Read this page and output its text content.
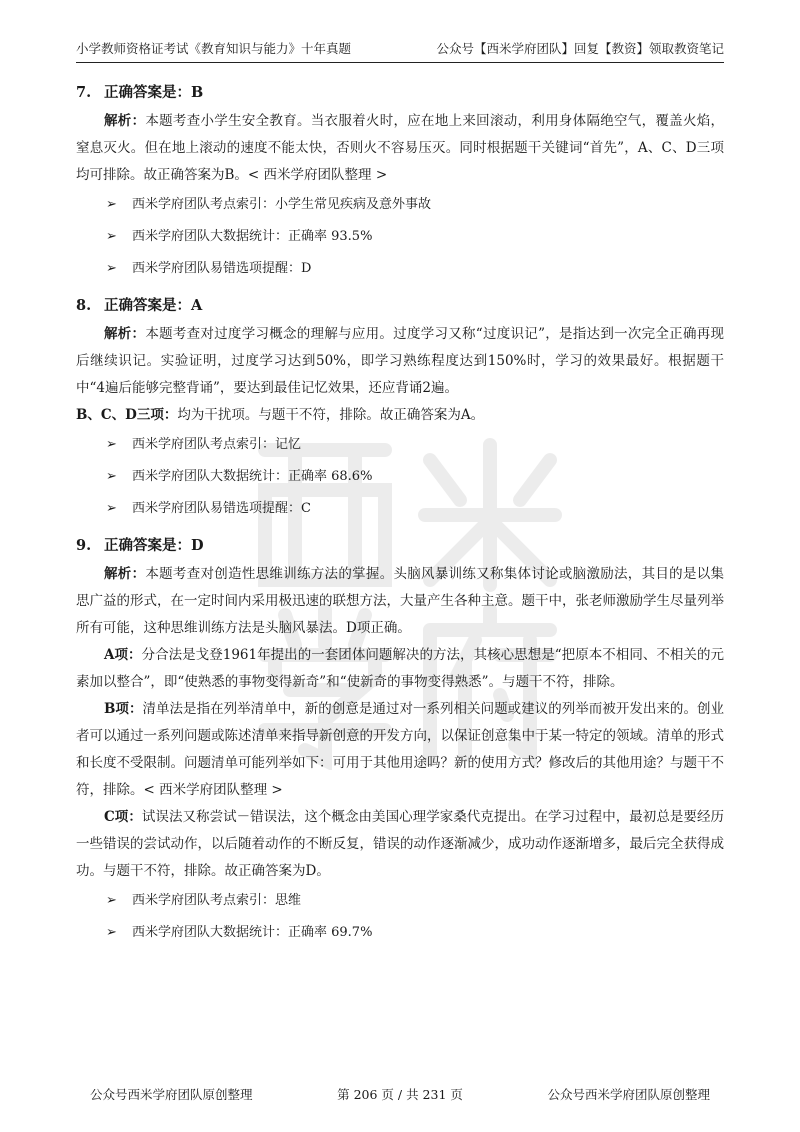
小学教师资格证考试《教育知识与能力》十年真题	公众号【西米学府团队】回复【教资】领取教资笔记
7. 正确答案是：B

解析：本题考查小学生安全教育。当衣服着火时，应在地上来回滚动，利用身体隔绝空气，覆盖火焰，窒息灭火。但在地上滚动的速度不能太快，否则火不容易压灭。同时根据题干关键词“首先”，A、C、D三项均可排除。故正确答案为B。< 西米学府团队整理 >

➢	西米学府团队考点索引：小学生常见疾病及意外事故
➢	西米学府团队大数据统计：正确率 93.5%
➢	西米学府团队易错选项提醒：D
8. 正确答案是：A

解析：本题考查对过度学习概念的理解与应用。过度学习又称“过度识记”，是指达到一次完全正确再现后继续识记。实验证明，过度学习达到50%，即学习熟练程度达到150%时，学习的效果最好。根据题干中“4遍后能够完整背诵”，要达到最佳记忆效果，还应背诵2遍。

B、C、D三项：均为干扰项。与题干不符，排除。故正确答案为A。

➢	西米学府团队考点索引：记忆
➢	西米学府团队大数据统计：正确率 68.6%
➢	西米学府团队易错选项提醒：C
9. 正确答案是：D

解析：本题考查对创造性思维训练方法的掌握。头脑风暴训练又称集体讨论或脑激励法，其目的是以集思广益的形式，在一定时间内采用极迅速的联想方法，大量产生各种主意。题干中，张老师激励学生尽量列举所有可能，这种思维训练方法是头脑风暴法。D项正确。

A项：分合法是戈登1961年提出的一套团体问题解决的方法，其核心思想是“把原本不相同、不相关的元素加以整合”，即“使熟悉的事物变得新奇”和“使新奇的事物变得熟悉”。与题干不符，排除。

B项：清单法是指在列举清单中，新的创意是通过对一系列相关问题或建议的列举而被开发出来的。创业者可以通过一系列问题或陈述清单来指导新创意的开发方向，以保证创意集中于某一特定的领域。清单的形式和长度不受限制。问题清单可能列举如下：可用于其他用途吗？新的使用方式？修改后的其他用途？与题干不符，排除。< 西米学府团队整理 >

C项：试误法又称尝试－错误法，这个概念由美国心理学家桑代克提出。在学习过程中，最初总是要经历一些错误的尝试动作，以后随着动作的不断反复，错误的动作逐渐减少，成功动作逐渐增多，最后完全获得成功。与题干不符，排除。故正确答案为D。

➢	西米学府团队考点索引：思维
➢	西米学府团队大数据统计：正确率 69.7%
公众号西米学府团队原创整理	第 206 页 / 共 231 页	公众号西米学府团队原创整理
